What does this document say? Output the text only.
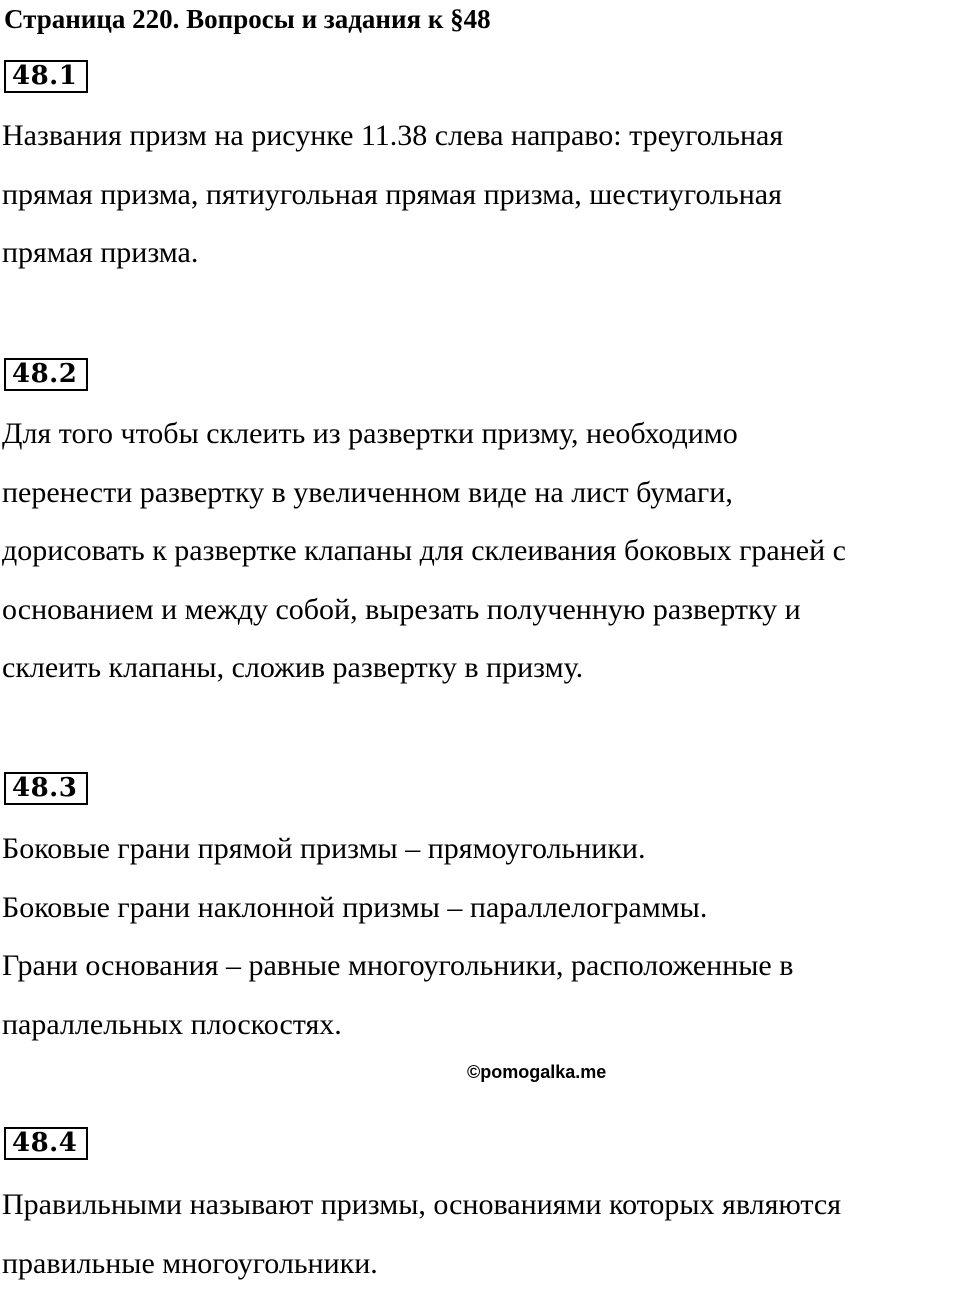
Страница 220. Вопросы и задания к §48
48.1
Названия призм на рисунке 11.38 слева направо: треугольная
прямая призма, пятиугольная прямая призма, шестиугольная
прямая призма.
48.2
Для того чтобы склеить из развертки призму, необходимо
перенести развертку в увеличенном виде на лист бумаги,
дорисовать к развертке клапаны для склеивания боковых граней с
основанием и между собой, вырезать полученную развертку и
склеить клапаны, сложив развертку в призму.
48.3
Боковые грани прямой призмы – прямоугольники.
Боковые грани наклонной призмы – параллелограммы.
Грани основания – равные многоугольники, расположенные в
параллельных плоскостях.
©pomogalka.me
48.4
Правильными называют призмы, основаниями которых являются
правильные многоугольники.
